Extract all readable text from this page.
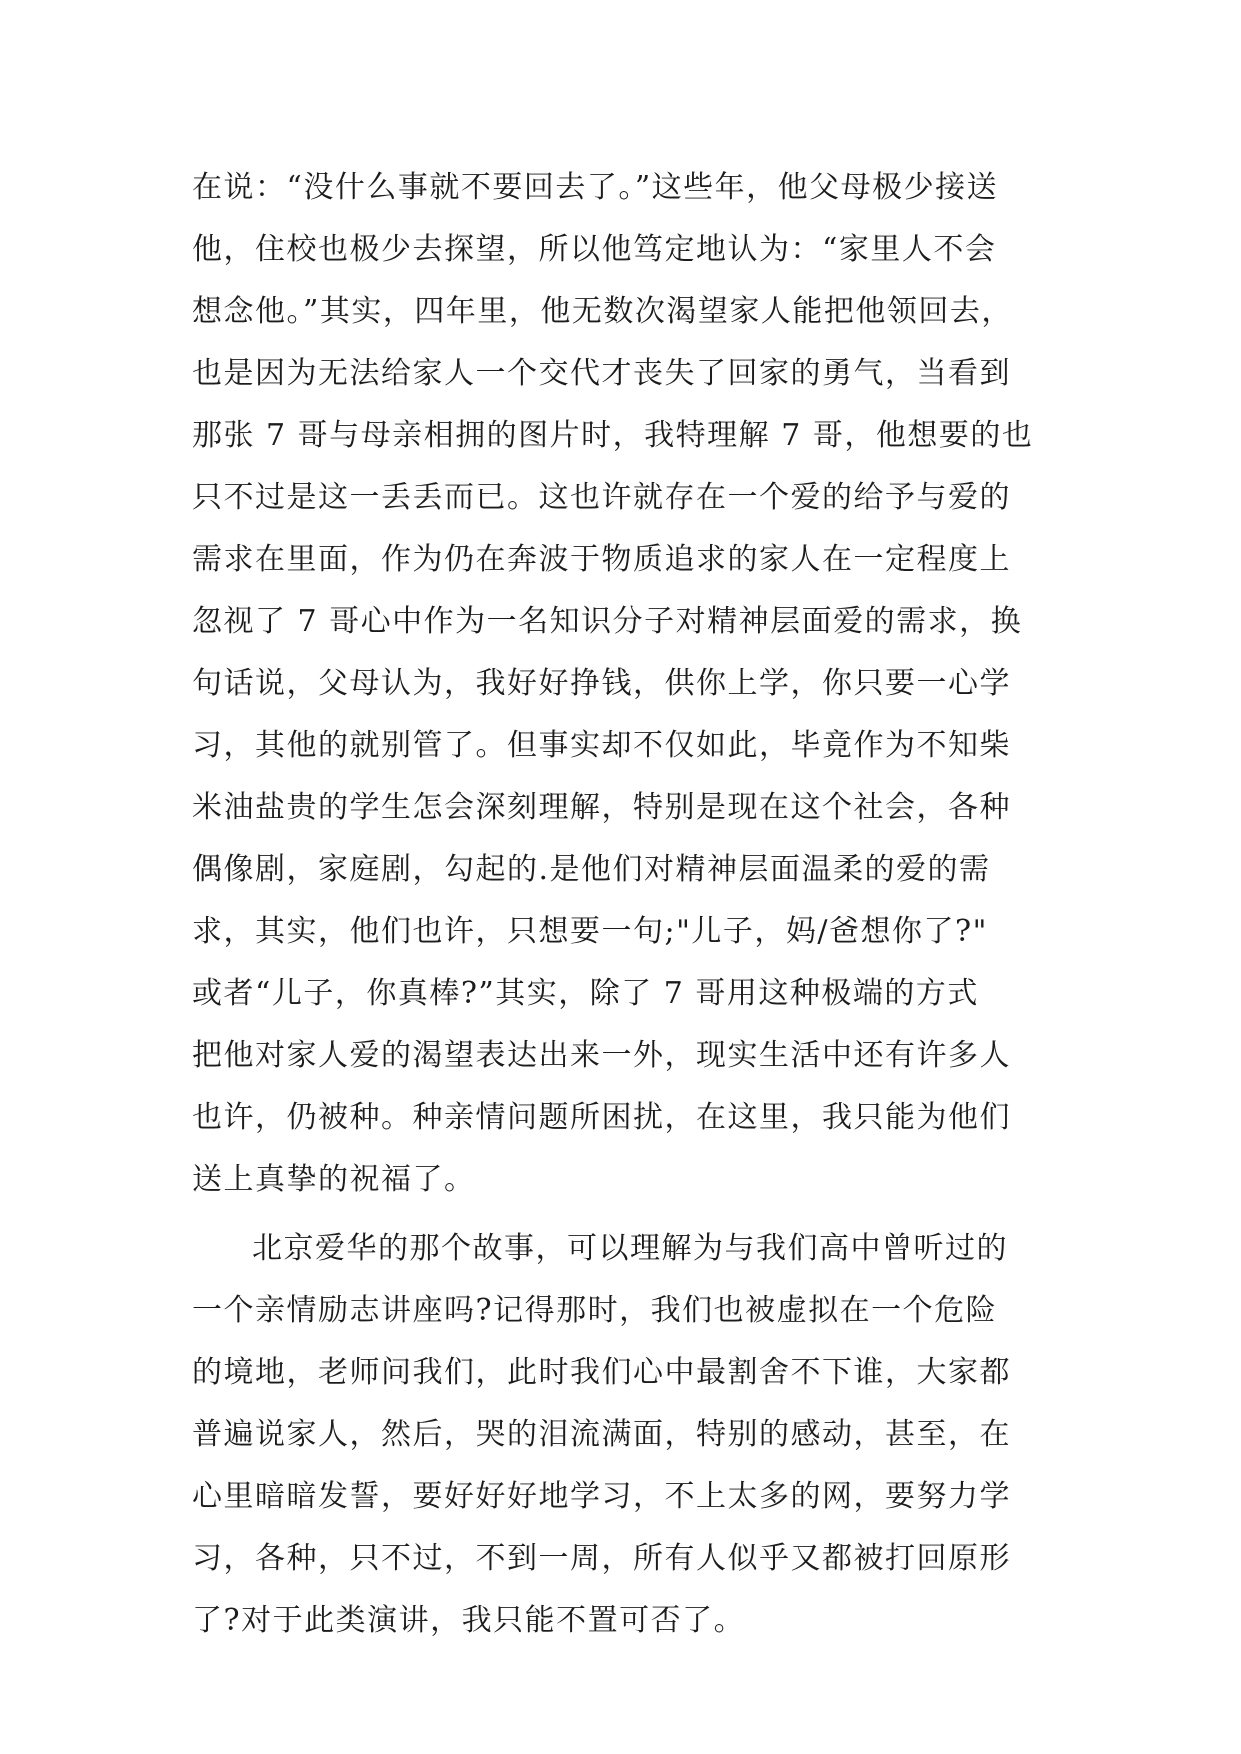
在说：“没什么事就不要回去了。”这些年，他父母极少接送
他，住校也极少去探望，所以他笃定地认为：“家里人不会
想念他。”其实，四年里，他无数次渴望家人能把他领回去，
也是因为无法给家人一个交代才丧失了回家的勇气，当看到
那张 7 哥与母亲相拥的图片时，我特理解 7 哥，他想要的也
只不过是这一丢丢而已。这也许就存在一个爱的给予与爱的
需求在里面，作为仍在奔波于物质追求的家人在一定程度上
忽视了 7 哥心中作为一名知识分子对精神层面爱的需求，换
句话说，父母认为，我好好挣钱，供你上学，你只要一心学
习，其他的就别管了。但事实却不仅如此，毕竟作为不知柴
米油盐贵的学生怎会深刻理解，特别是现在这个社会，各种
偶像剧，家庭剧，勾起的.是他们对精神层面温柔的爱的需
求，其实，他们也许，只想要一句;"儿子，妈/爸想你了?"
或者“儿子，你真棒?”其实，除了 7 哥用这种极端的方式
把他对家人爱的渴望表达出来一外，现实生活中还有许多人
也许，仍被种。种亲情问题所困扰，在这里，我只能为他们
送上真挚的祝福了。
北京爱华的那个故事，可以理解为与我们高中曾听过的
一个亲情励志讲座吗?记得那时，我们也被虚拟在一个危险
的境地，老师问我们，此时我们心中最割舍不下谁，大家都
普遍说家人，然后，哭的泪流满面，特别的感动，甚至，在
心里暗暗发誓，要好好好地学习，不上太多的网，要努力学
习，各种，只不过，不到一周，所有人似乎又都被打回原形
了?对于此类演讲，我只能不置可否了。
